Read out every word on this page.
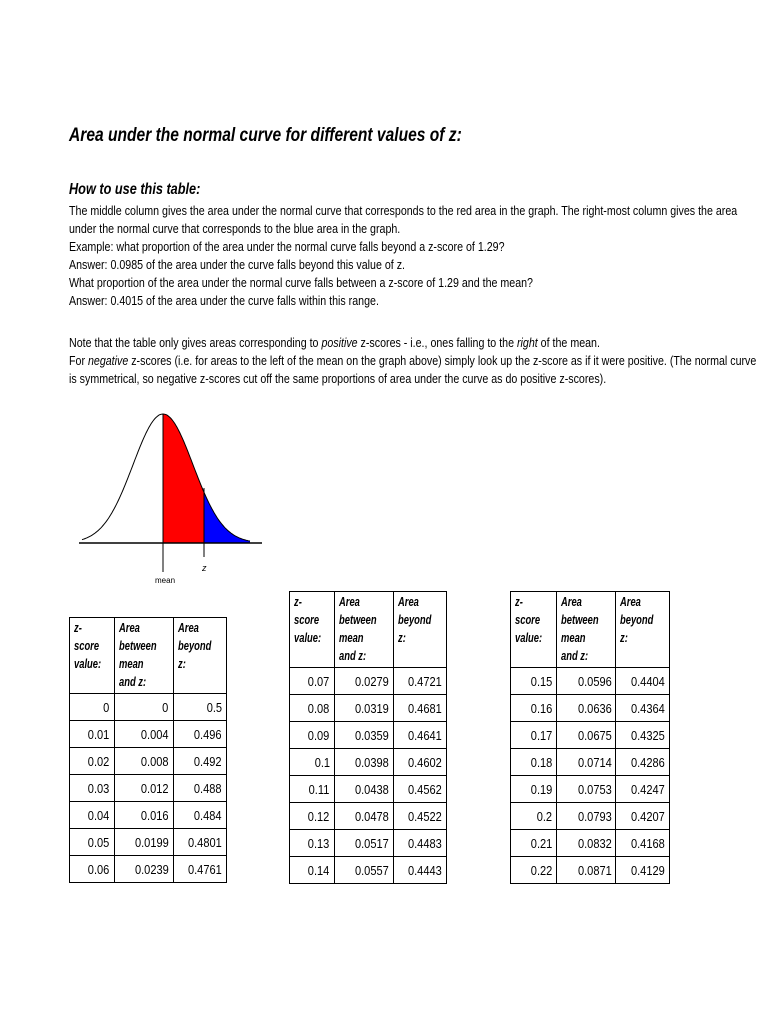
Area under the normal curve for different values of z:
How to use this table:
The middle column gives the area under the normal curve that corresponds to the red area in the graph. The right-most column gives the area
under the normal curve that corresponds to the blue area in the graph.
Example: what proportion of the area under the normal curve falls beyond a z-score of 1.29?
Answer: 0.0985 of the area under the curve falls beyond this value of z.
What proportion of the area under the normal curve falls between a z-score of 1.29 and the mean?
Answer: 0.4015 of the area under the curve falls within this range.
Note that the table only gives areas corresponding to positive z-scores - i.e., ones falling to the right of the mean.
For negative z-scores (i.e. for areas to the left of the mean on the graph above) simply look up the z-score as if it were positive. (The normal curve
is symmetrical, so negative z-scores cut off the same proportions of area under the curve as do positive z-scores).
z
mean
z-score
value:	Area
between
mean
and z:	Area
beyond
z:
0	0	0.5
0.01	0.004	0.496
0.02	0.008	0.492
0.03	0.012	0.488
0.04	0.016	0.484
0.05	0.0199	0.4801
0.06	0.0239	0.4761
z-score
value:	Area
between
mean
and z:	Area
beyond
z:
0.07	0.0279	0.4721
0.08	0.0319	0.4681
0.09	0.0359	0.4641
0.1	0.0398	0.4602
0.11	0.0438	0.4562
0.12	0.0478	0.4522
0.13	0.0517	0.4483
0.14	0.0557	0.4443
z-score
value:	Area
between
mean
and z:	Area
beyond
z:
0.15	0.0596	0.4404
0.16	0.0636	0.4364
0.17	0.0675	0.4325
0.18	0.0714	0.4286
0.19	0.0753	0.4247
0.2	0.0793	0.4207
0.21	0.0832	0.4168
0.22	0.0871	0.4129
